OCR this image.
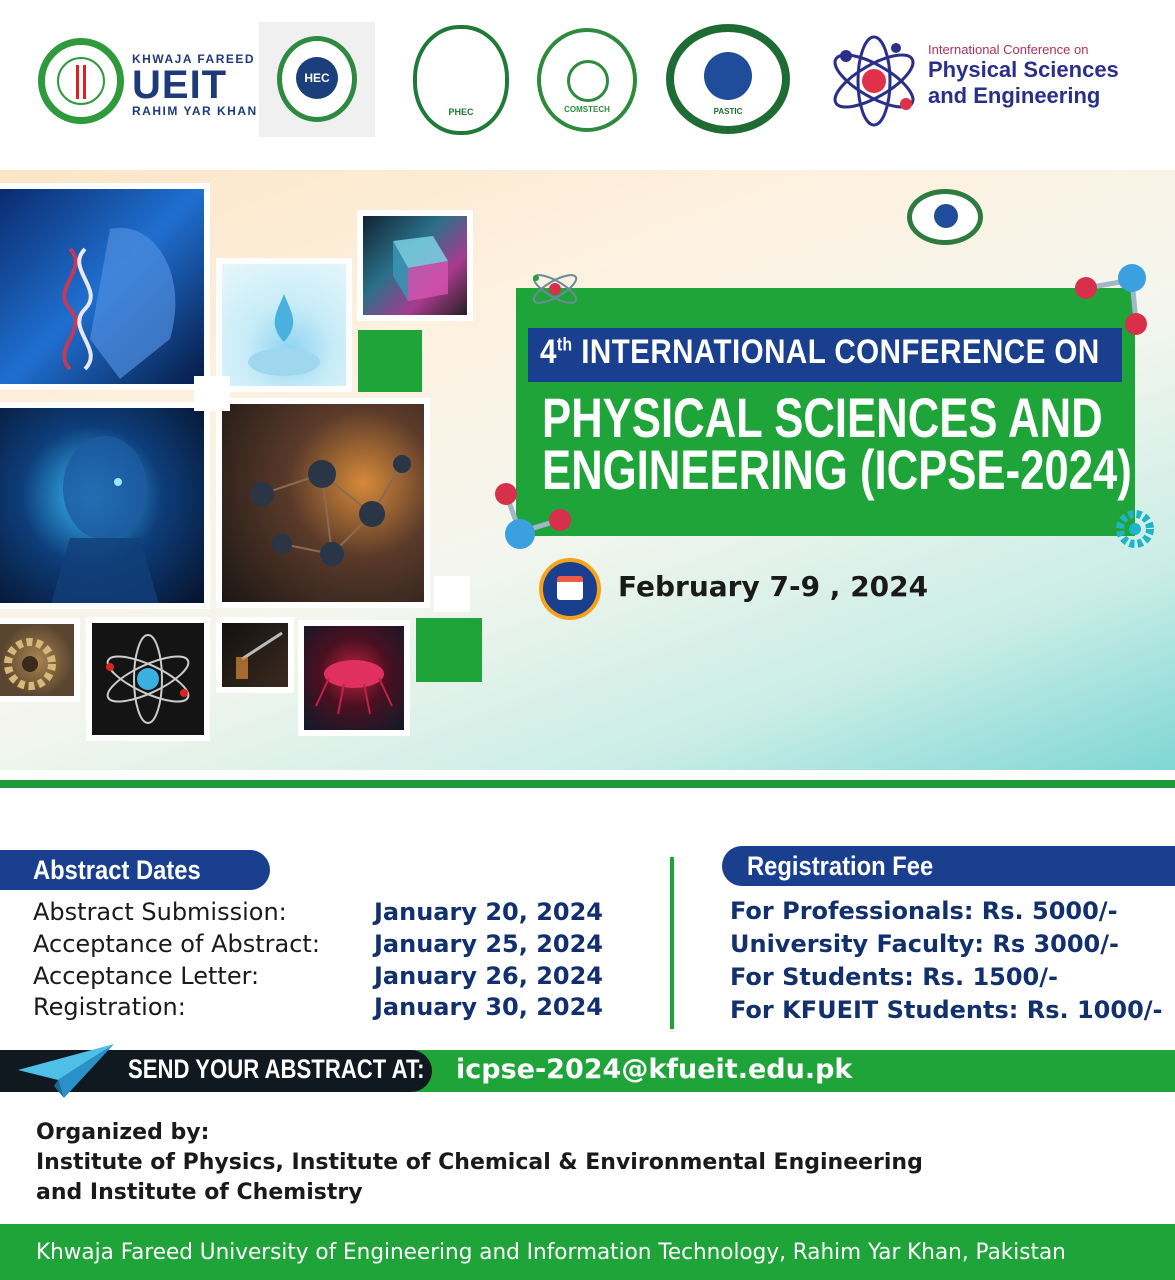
KHWAJA FAREED
UEIT
RAHIM YAR KHAN
HEC
PHEC	COMSTECH	PASTIC
International Conference on
Physical Sciences
and Engineering
4th INTERNATIONAL CONFERENCE ON
PHYSICAL SCIENCES AND
ENGINEERING (ICPSE-2024)
February 7-9 , 2024
Abstract Dates	Registration Fee
Abstract Submission:	January 20, 2024
Acceptance of Abstract: January 25, 2024
Acceptance Letter:	January 26, 2024
Registration:	January 30, 2024
For Professionals: Rs. 5000/-
University Faculty: Rs 3000/-
For Students: Rs. 1500/-
For KFUEIT Students: Rs. 1000/-
SEND YOUR ABSTRACT AT: icpse-2024@kfueit.edu.pk
Organized by:
Institute of Physics, Institute of Chemical & Environmental Engineering
and Institute of Chemistry
Khwaja Fareed University of Engineering and Information Technology, Rahim Yar Khan, Pakistan
